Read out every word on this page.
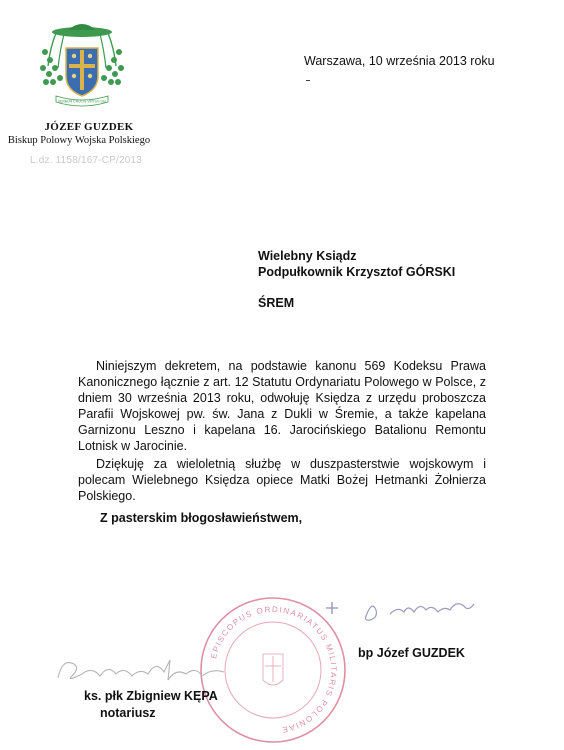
VERBUM CRUCIS VIRTUS DEI
JÓZEF GUZDEK
Biskup Polowy Wojska Polskiego
L.dz. 1158/167-CP/2013
Warszawa, 10 września 2013 roku
Wielebny Ksiądz
Podpułkownik Krzysztof GÓRSKI
ŚREM

Niniejszym dekretem, na podstawie kanonu 569 Kodeksu Prawa Kanonicznego łącznie z art. 12 Statutu Ordynariatu Polowego w Polsce, z dniem 30 września 2013 roku, odwołuję Księdza z urzędu proboszcza Parafii Wojskowej pw. św. Jana z Dukli w Śremie, a także kapelana Garnizonu Leszno i kapelana 16. Jarocińskiego Batalionu Remontu Lotnisk w Jarocinie.

Dziękuję za wieloletnią służbę w duszpasterstwie wojskowym i polecam Wielebnego Księdza opiece Matki Bożej Hetmanki Żołnierza Polskiego.

Z pasterskim błogosławieństwem,
EPISCOPUS ORDINARIATUS MILITARIS POLONIAE
bp Józef GUZDEK
ks. płk Zbigniew KĘPA
notariusz
